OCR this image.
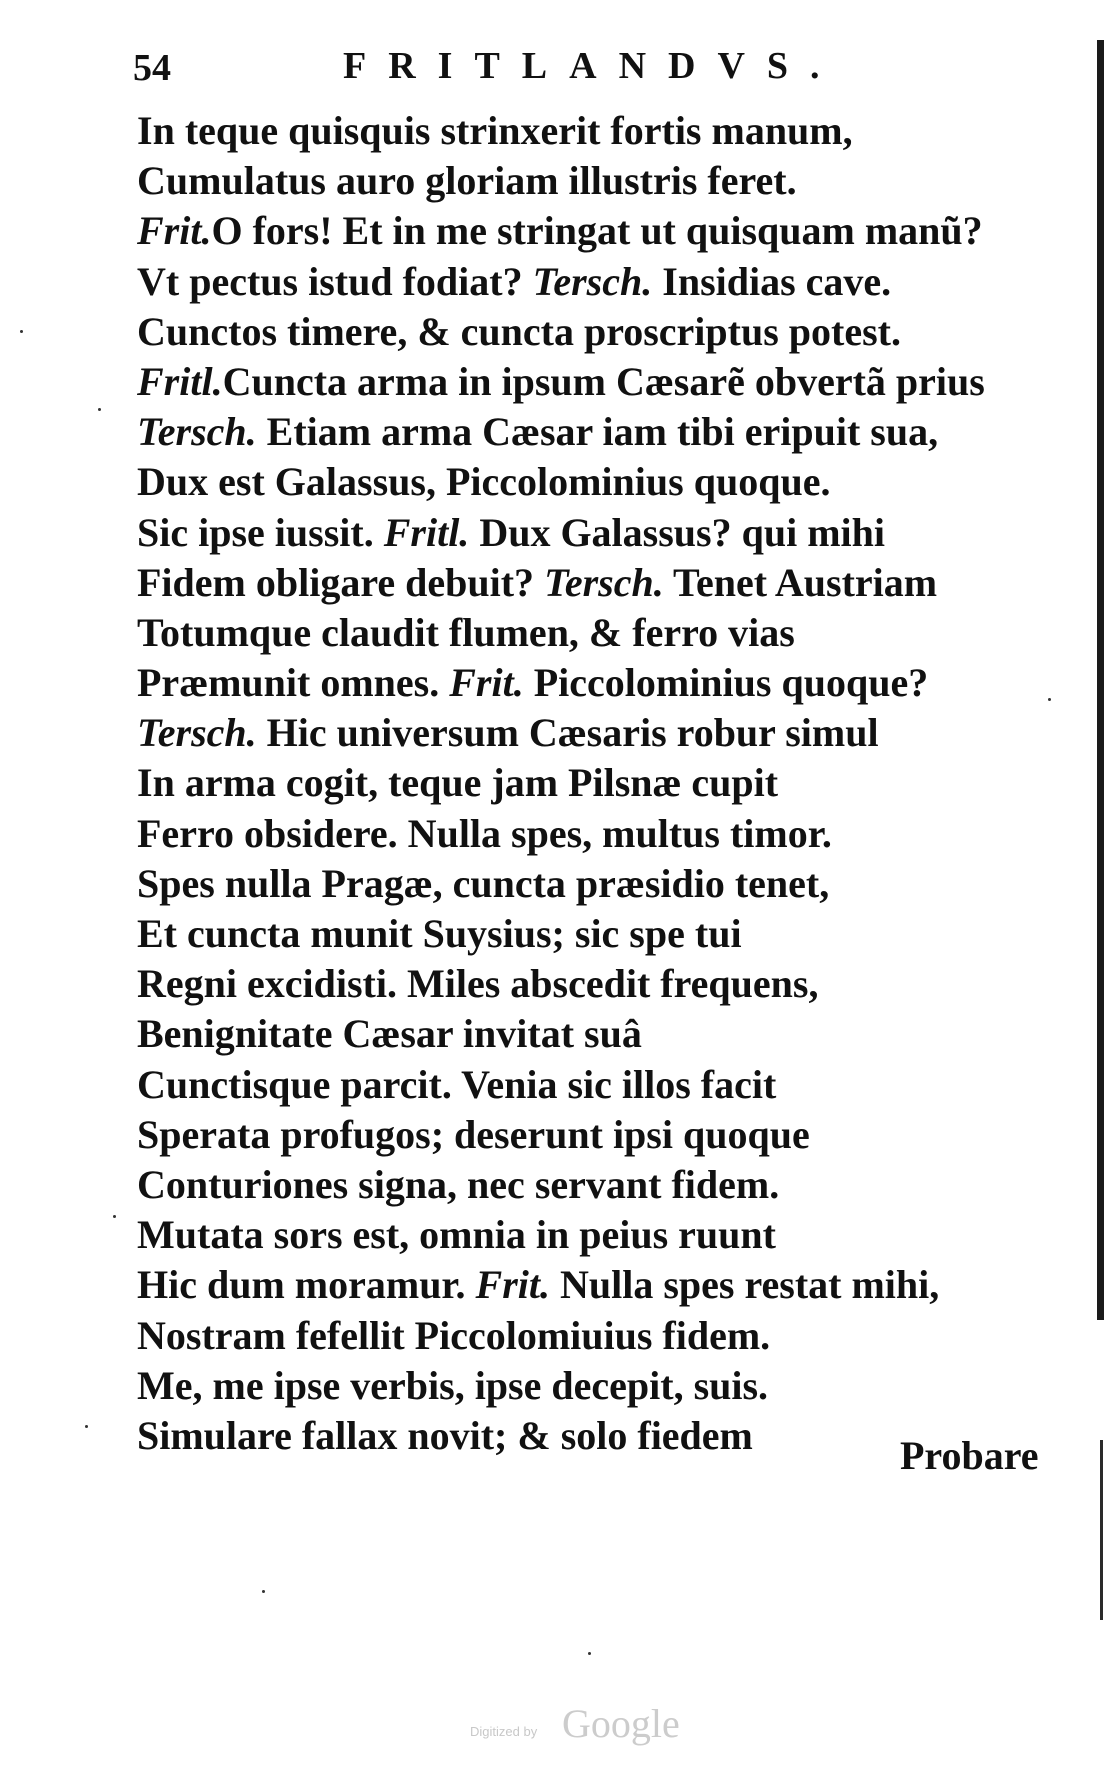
54	FRITLANDVS.
In teque quisquis strinxerit fortis manum,
Cumulatus auro gloriam illustris feret.
Frit.O fors! Et in me stringat ut quisquam manũ?
Vt pectus istud fodiat? Tersch. Insidias cave.
Cunctos timere, & cuncta proscriptus potest.
Fritl.Cuncta arma in ipsum Cæsarẽ obvertã prius
Tersch. Etiam arma Cæsar iam tibi eripuit sua,
Dux est Galassus, Piccolominius quoque.
Sic ipse iussit. Fritl. Dux Galassus? qui mihi
Fidem obligare debuit? Tersch. Tenet Austriam
Totumque claudit flumen, & ferro vias
Præmunit omnes. Frit. Piccolominius quoque?
Tersch. Hic universum Cæsaris robur simul
In arma cogit, teque jam Pilsnæ cupit
Ferro obsidere. Nulla spes, multus timor.
Spes nulla Pragæ, cuncta præsidio tenet,
Et cuncta munit Suysius; sic spe tui
Regni excidisti. Miles abscedit frequens,
Benignitate Cæsar invitat suâ
Cunctisque parcit. Venia sic illos facit
Sperata profugos; deserunt ipsi quoque
Conturiones signa, nec servant fidem.
Mutata sors est, omnia in peius ruunt
Hic dum moramur. Frit. Nulla spes restat mihi,
Nostram fefellit Piccolomiuius fidem.
Me, me ipse verbis, ipse decepit, suis.
Simulare fallax novit; & solo fiedem	Probare
Digitized by Google
